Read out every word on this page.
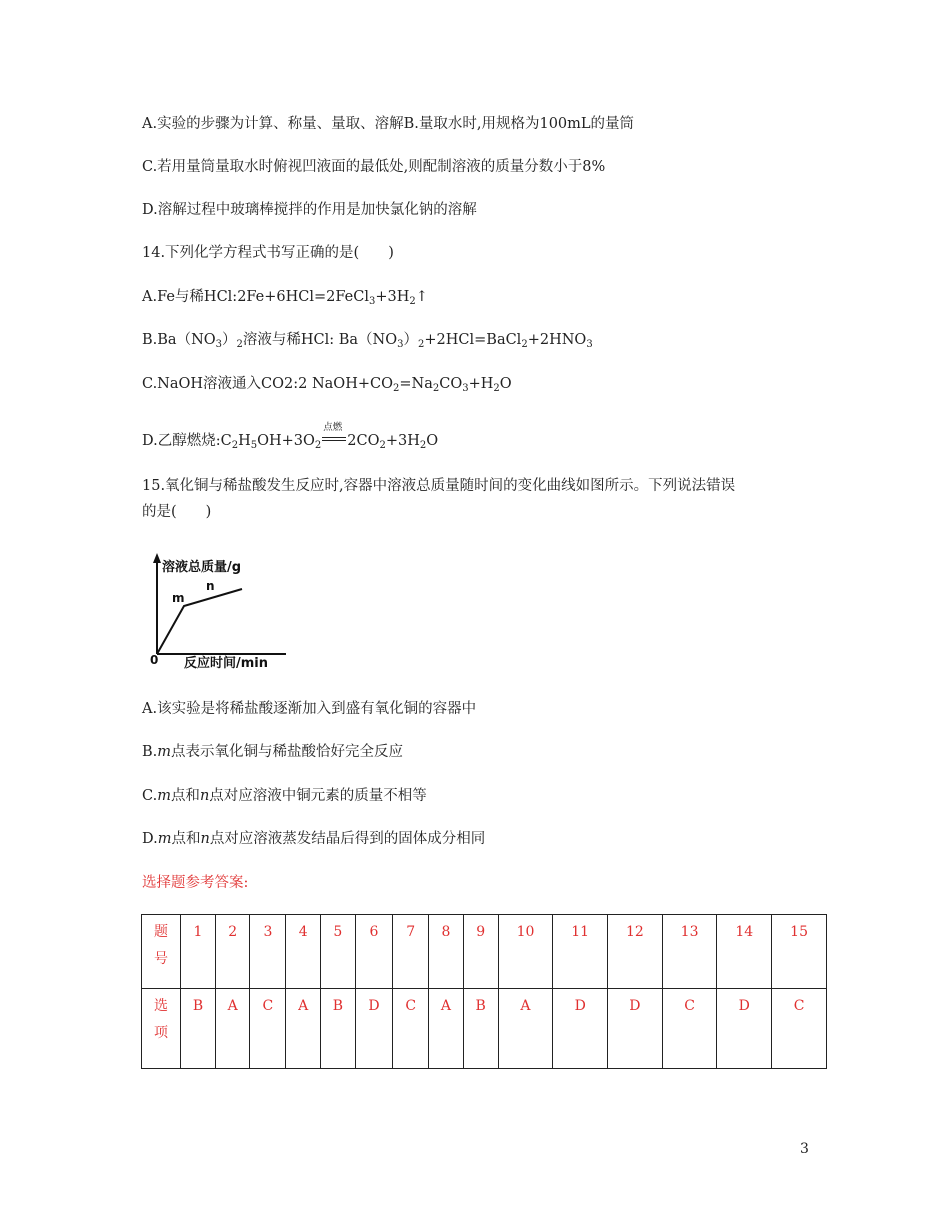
A.实验的步骤为计算、称量、量取、溶解B.量取水时,用规格为100mL的量筒
C.若用量筒量取水时俯视凹液面的最低处,则配制溶液的质量分数小于8%
D.溶解过程中玻璃棒搅拌的作用是加快氯化钠的溶解
14.下列化学方程式书写正确的是(　　)
A.Fe与稀$HCl:2Fe+6HCl=2FeCl_3+3H_2↑$
$B.Ba(NO_3)_2$溶液与稀HCl: $Ba(NO_3)_2+2HCl=BaCl_2+2HNO_3$
C.NaOH溶液通入CO2:2 $NaOH+CO_2=Na_2CO_3+H_2O$
D.乙醇燃烧$:C_2H_5OH+3O_2$
点燃
$2CO_2+3H_2O$
15.氧化铜与稀盐酸发生反应时,容器中溶液总质量随时间的变化曲线如图所示。下列说法错误
的是(　　)
溶液总质量/g
m
n
0 反应时间/min
A.该实验是将稀盐酸逐渐加入到盛有氧化铜的容器中
B.m点表示氧化铜与稀盐酸恰好完全反应
C.m点和n点对应溶液中铜元素的质量不相等
D.m点和n点对应溶液蒸发结晶后得到的固体成分相同
选择题参考答案:
题
号	1	2	3	4	5	6	7	8	9	10	11	12	13	14	15

选
项	B	A	C	A	B	D	C	A	B	A	D	D	C	D	C
3
